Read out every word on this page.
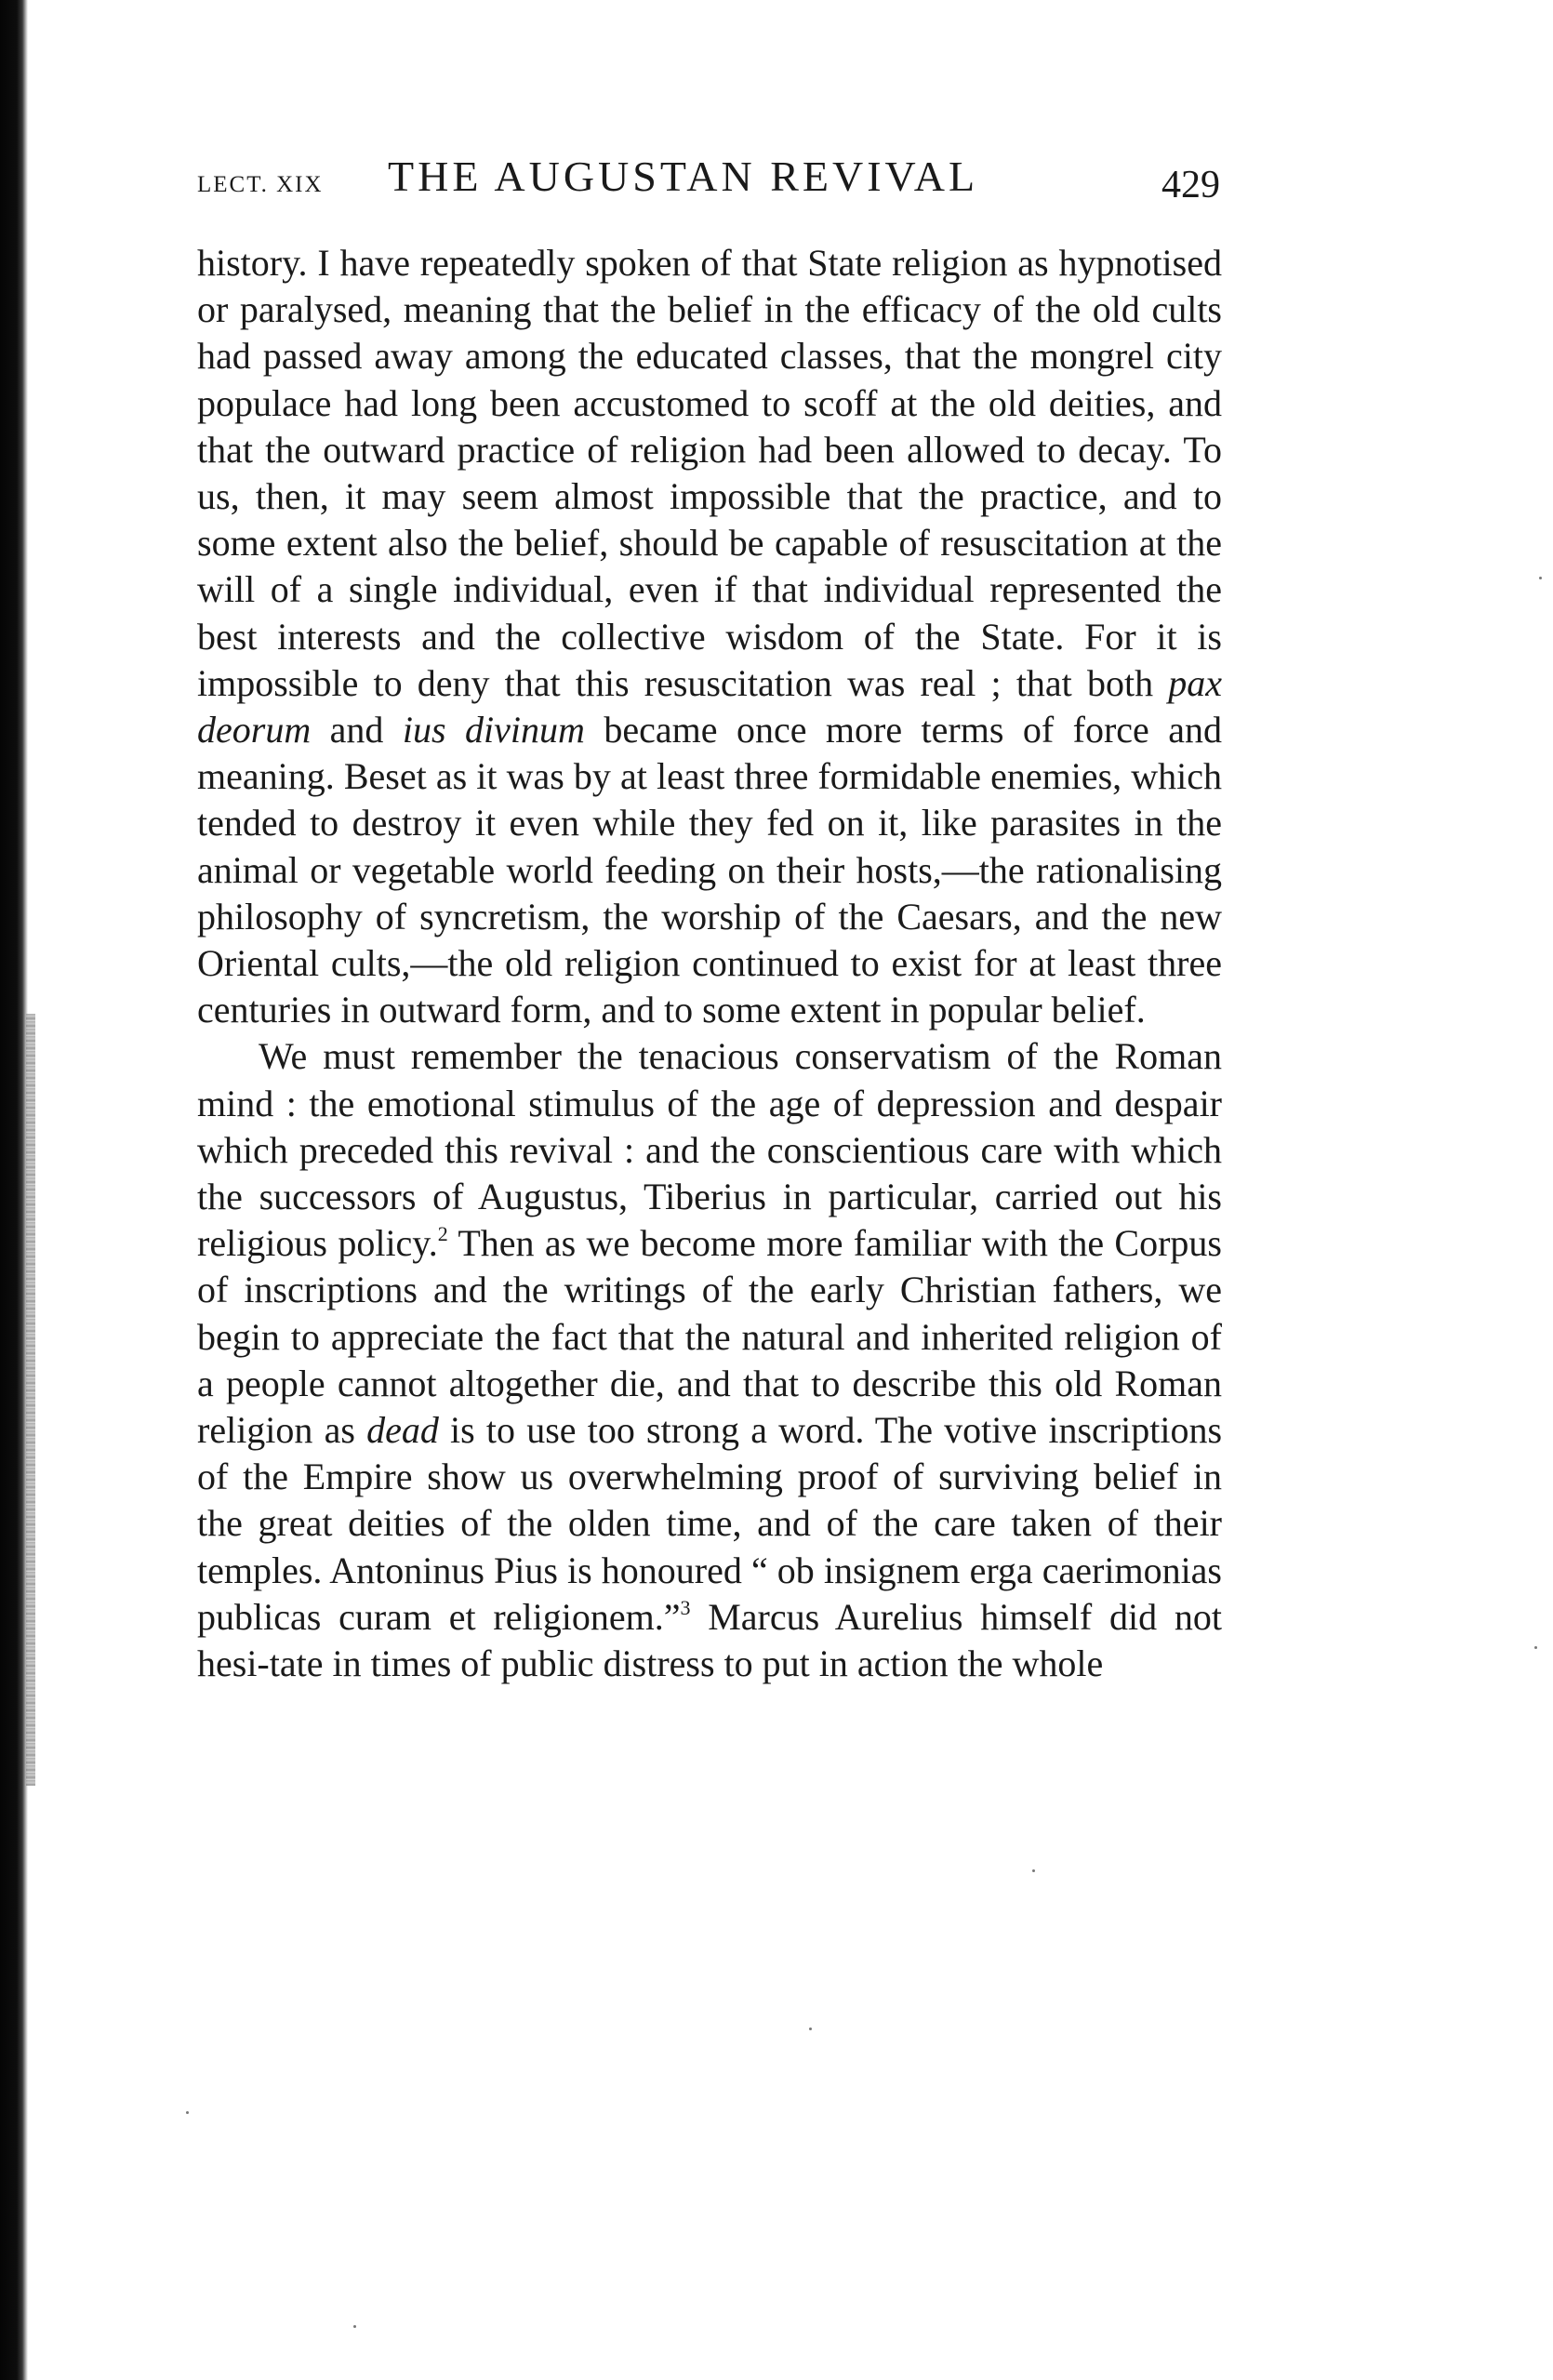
LECT. XIX THE AUGUSTAN REVIVAL	429

history. I have repeatedly spoken of that State religion as hypnotised or paralysed, meaning that the belief in the efficacy of the old cults had passed away among the educated classes, that the mongrel city populace had long been accustomed to scoff at the old deities, and that the outward practice of religion had been allowed to decay. To us, then, it may seem almost impossible that the practice, and to some extent also the belief, should be capable of resuscitation at the will of a single individual, even if that individual represented the best interests and the collective wisdom of the State. For it is impossible to deny that this resuscitation was real ; that both pax deorum and ius divinum became once more terms of force and meaning. Beset as it was by at least three formidable enemies, which tended to destroy it even while they fed on it, like parasites in the animal or vegetable world feeding on their hosts,—the rationalising philosophy of syncretism, the worship of the Caesars, and the new Oriental cults,—the old religion continued to exist for at least three centuries in outward form, and to some extent in popular belief.

We must remember the tenacious conservatism of the Roman mind : the emotional stimulus of the age of depression and despair which preceded this revival : and the conscientious care with which the successors of Augustus, Tiberius in particular, carried out his religious policy.$^2$ Then as we become more familiar with the Corpus of inscriptions and the writings of the early Christian fathers, we begin to appreciate the fact that the natural and inherited religion of a people cannot altogether die, and that to describe this old Roman religion as dead is to use too strong a word. The votive inscriptions of the Empire show us overwhelming proof of surviving belief in the great deities of the olden time, and of the care taken of their temples. Antoninus Pius is honoured “ ob insignem erga caerimonias publicas curam et religionem.”$^3$ Marcus Aurelius himself did not hesi-tate in times of public distress to put in action the whole
